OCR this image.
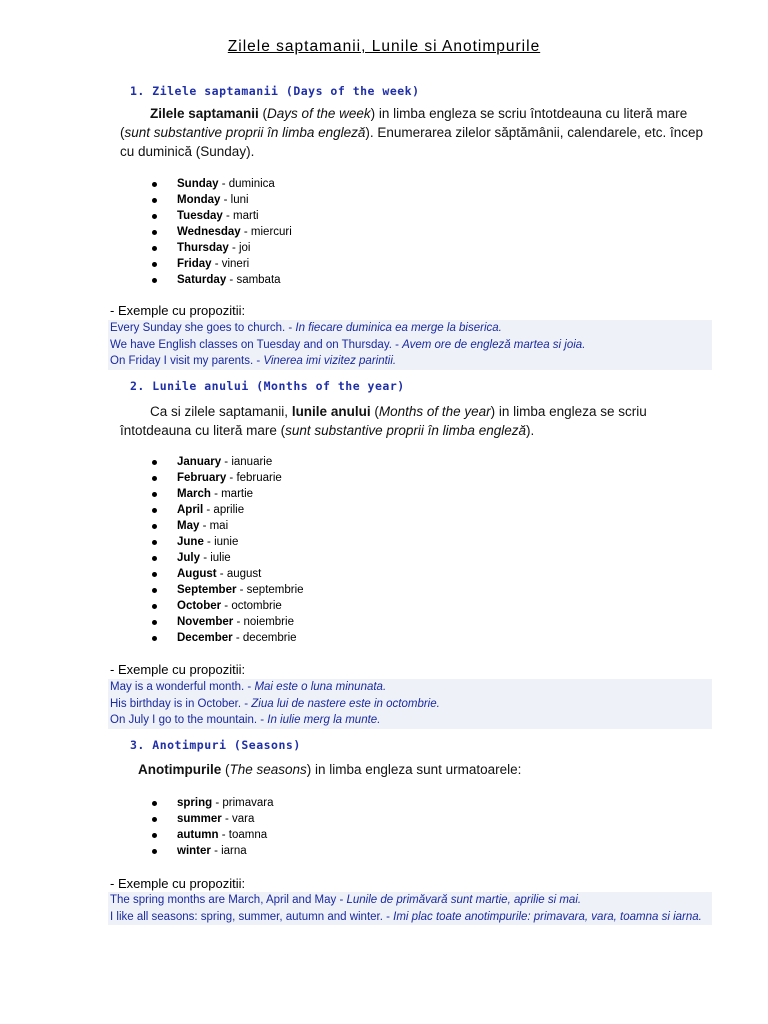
Zilele saptamanii, Lunile si Anotimpurile
1. Zilele saptamanii (Days of the week)
Zilele saptamanii (Days of the week) in limba engleza se scriu întotdeauna cu literă mare (sunt substantive proprii în limba engleză). Enumerarea zilelor săptămânii, calendarele, etc. încep cu duminică (Sunday).
Sunday - duminica
Monday - luni
Tuesday - marti
Wednesday - miercuri
Thursday - joi
Friday - vineri
Saturday - sambata
- Exemple cu propozitii:
Every Sunday she goes to church. - In fiecare duminica ea merge la biserica.
We have English classes on Tuesday and on Thursday. - Avem ore de engleză martea si joia.
On Friday I visit my parents. - Vinerea imi vizitez parintii.
2. Lunile anului (Months of the year)
Ca si zilele saptamanii, lunile anului (Months of the year) in limba engleza se scriu întotdeauna cu literă mare (sunt substantive proprii în limba engleză).
January - ianuarie
February - februarie
March - martie
April - aprilie
May - mai
June - iunie
July - iulie
August - august
September - septembrie
October - octombrie
November - noiembrie
December - decembrie
- Exemple cu propozitii:
May is a wonderful month. - Mai este o luna minunata.
His birthday is in October. - Ziua lui de nastere este in octombrie.
On July I go to the mountain. - In iulie merg la munte.
3. Anotimpuri (Seasons)
Anotimpurile (The seasons) in limba engleza sunt urmatoarele:
spring - primavara
summer - vara
autumn - toamna
winter - iarna
- Exemple cu propozitii:
The spring months are March, April and May - Lunile de primăvară sunt martie, aprilie si mai.
I like all seasons: spring, summer, autumn and winter. - Imi plac toate anotimpurile: primavara, vara, toamna si iarna.
